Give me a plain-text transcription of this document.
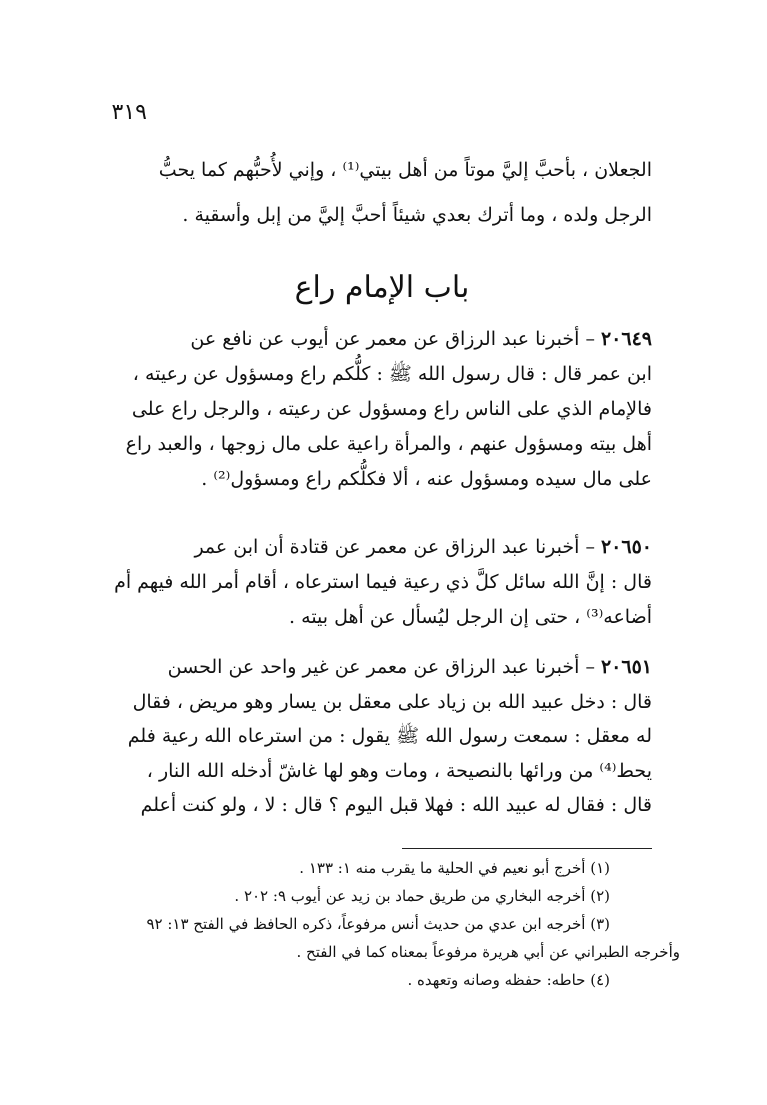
٣١٩
الجعلان ، بأحبَّ إليَّ موتاً من أهل بيتي⁽¹⁾ ، وإني لأُحبُّهم كما يحبُّ
الرجل ولده ، وما أترك بعدي شيئاً أحبَّ إليَّ من إبل وأسقية .
باب الإمام راع
٢٠٦٤٩– أخبرنا عبد الرزاق عن معمر عن أيوب عن نافع عن
ابن عمر قال : قال رسول الله ﷺ : كلُّكم راع ومسؤول عن رعيته ،
فالإمام الذي على الناس راع ومسؤول عن رعيته ، والرجل راع على
أهل بيته ومسؤول عنهم ، والمرأة راعية على مال زوجها ، والعبد راع
على مال سيده ومسؤول عنه ، ألا فكلُّكم راع ومسؤول⁽²⁾ .
٢٠٦٥٠– أخبرنا عبد الرزاق عن معمر عن قتادة أن ابن عمر
قال : إنَّ الله سائل كلَّ ذي رعية فيما استرعاه ، أقام أمر الله فيهم أم
أضاعه⁽³⁾ ، حتى إن الرجل ليُسأل عن أهل بيته .
٢٠٦٥١– أخبرنا عبد الرزاق عن معمر عن غير واحد عن الحسن
قال : دخل عبيد الله بن زياد على معقل بن يسار وهو مريض ، فقال
له معقل : سمعت رسول الله ﷺ يقول : من استرعاه الله رعية فلم
يحط⁽⁴⁾ من ورائها بالنصيحة ، ومات وهو لها غاشّ أدخله الله النار ،
قال : فقال له عبيد الله : فهلا قبل اليوم ؟ قال : لا ، ولو كنت أعلم
(١) أخرج أبو نعيم في الحلية ما يقرب منه ١: ١٣٣ .
(٢) أخرجه البخاري من طريق حماد بن زيد عن أيوب ٩: ٢٠٢ .
(٣) أخرجه ابن عدي من حديث أنس مرفوعاً، ذكره الحافظ في الفتح ١٣: ٩٢
وأخرجه الطبراني عن أبي هريرة مرفوعاً بمعناه كما في الفتح .
(٤) حاطه: حفظه وصانه وتعهده .
